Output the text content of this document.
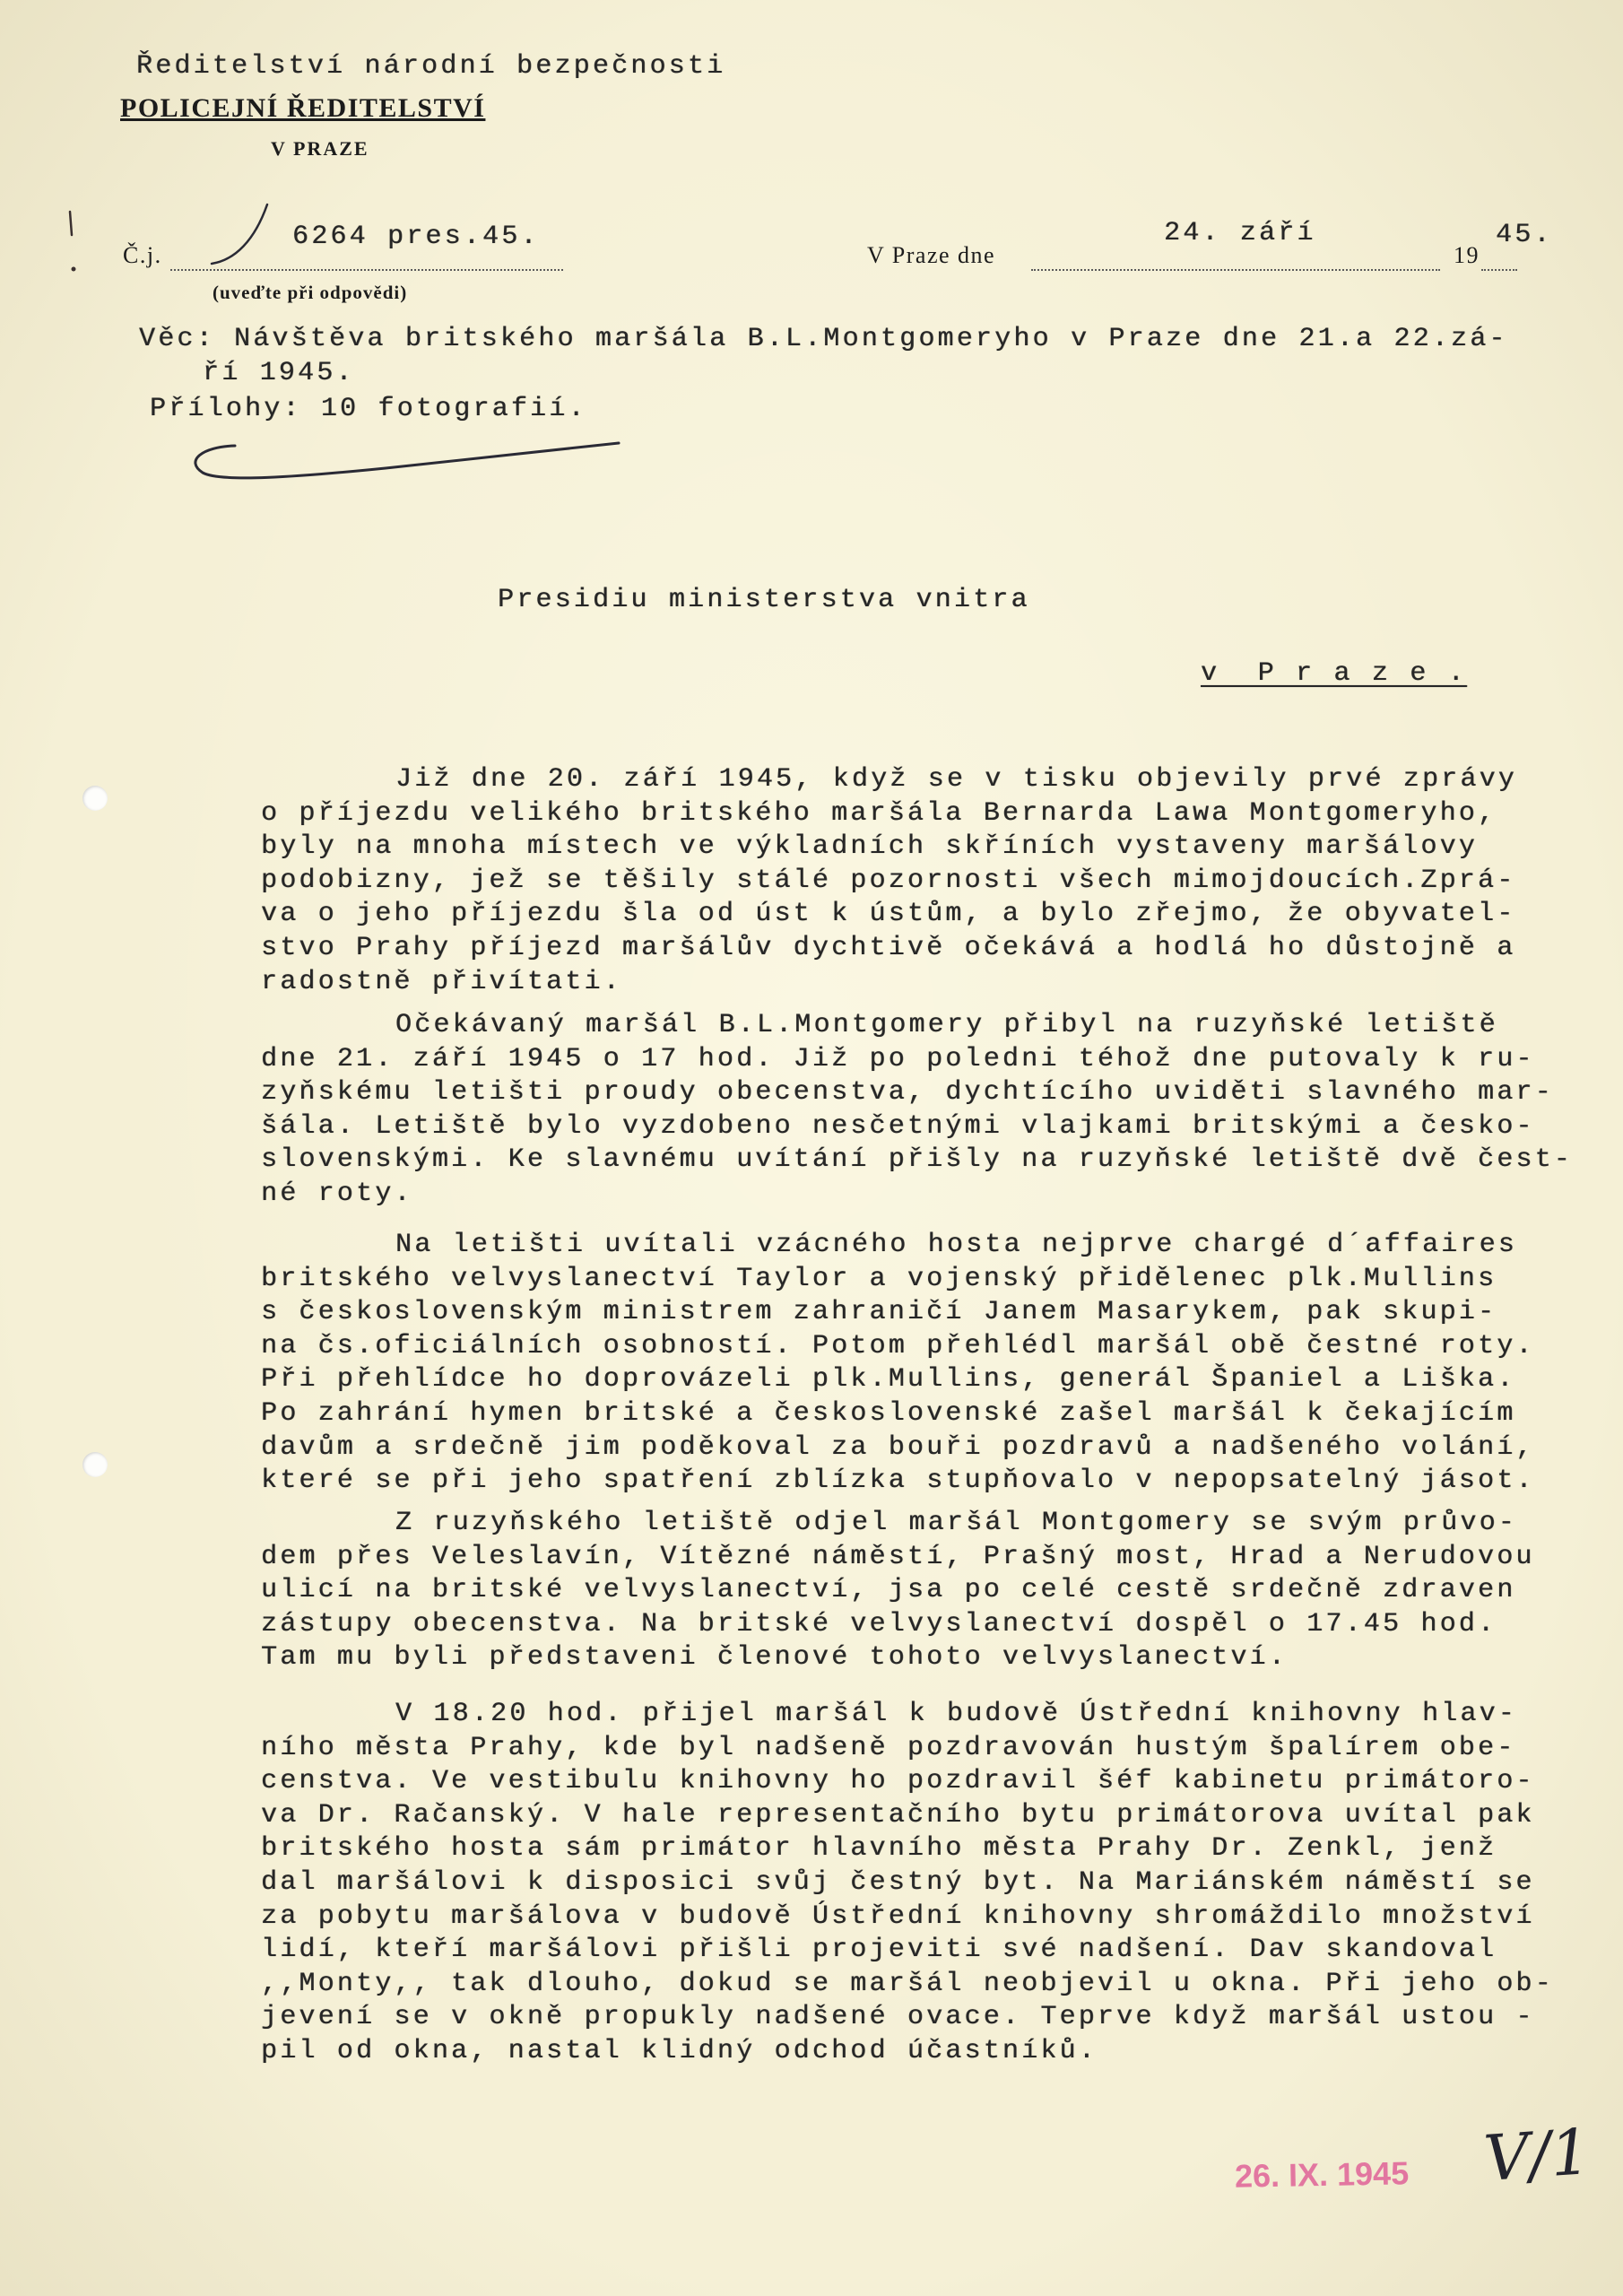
Ředitelství národní bezpečnosti
POLICEJNÍ ŘEDITELSTVÍ
V PRAZE
Č.j.
6264 pres.45.
(uveďte při odpovědi)
V Praze dne
24. září
19
45.
Věc: Návštěva britského maršála B.L.Montgomeryho v Praze dne 21.a 22.zá-
ří 1945.
Přílohy: 10 fotografií.
Presidiu ministerstva vnitra
v  P r a z e .
Již dne 20. září 1945, když se v tisku objevily prvé zprávy
o příjezdu velikého britského maršála Bernarda Lawa Montgomeryho,
byly na mnoha místech ve výkladních skříních vystaveny maršálovy
podobizny, jež se těšily stálé pozornosti všech mimojdoucích.Zprá-
va o jeho příjezdu šla od úst k ústům, a bylo zřejmo, že obyvatel-
stvo Prahy příjezd maršálův dychtivě očekává a hodlá ho důstojně a
radostně přivítati.
Očekávaný maršál B.L.Montgomery přibyl na ruzyňské letiště
dne 21. září 1945 o 17 hod. Již po poledni téhož dne putovaly k ru-
zyňskému letišti proudy obecenstva, dychtícího uviděti slavného mar-
šála. Letiště bylo vyzdobeno nesčetnými vlajkami britskými a česko-
slovenskými. Ke slavnému uvítání přišly na ruzyňské letiště dvě čest-
né roty.
Na letišti uvítali vzácného hosta nejprve chargé d´affaires
britského velvyslanectví Taylor a vojenský přidělenec plk.Mullins
s československým ministrem zahraničí Janem Masarykem, pak skupi-
na čs.oficiálních osobností. Potom přehlédl maršál obě čestné roty.
Při přehlídce ho doprovázeli plk.Mullins, generál Španiel a Liška.
Po zahrání hymen britské a československé zašel maršál k čekajícím
davům a srdečně jim poděkoval za bouři pozdravů a nadšeného volání,
které se při jeho spatření zblízka stupňovalo v nepopsatelný jásot.
Z ruzyňského letiště odjel maršál Montgomery se svým průvo-
dem přes Veleslavín, Vítězné náměstí, Prašný most, Hrad a Nerudovou
ulicí na britské velvyslanectví, jsa po celé cestě srdečně zdraven
zástupy obecenstva. Na britské velvyslanectví dospěl o 17.45 hod.
Tam mu byli představeni členové tohoto velvyslanectví.
V 18.20 hod. přijel maršál k budově Ústřední knihovny hlav-
ního města Prahy, kde byl nadšeně pozdravován hustým špalírem obe-
censtva. Ve vestibulu knihovny ho pozdravil šéf kabinetu primátoro-
va Dr. Račanský. V hale representačního bytu primátorova uvítal pak
britského hosta sám primátor hlavního města Prahy Dr. Zenkl, jenž
dal maršálovi k disposici svůj čestný byt. Na Mariánském náměstí se
za pobytu maršálova v budově Ústřední knihovny shromáždilo množství
lidí, kteří maršálovi přišli projeviti své nadšení. Dav skandoval
,,Monty,, tak dlouho, dokud se maršál neobjevil u okna. Při jeho ob-
jevení se v okně propukly nadšené ovace. Teprve když maršál ustou -
pil od okna, nastal klidný odchod účastníků.
26. IX. 1945 V/1
